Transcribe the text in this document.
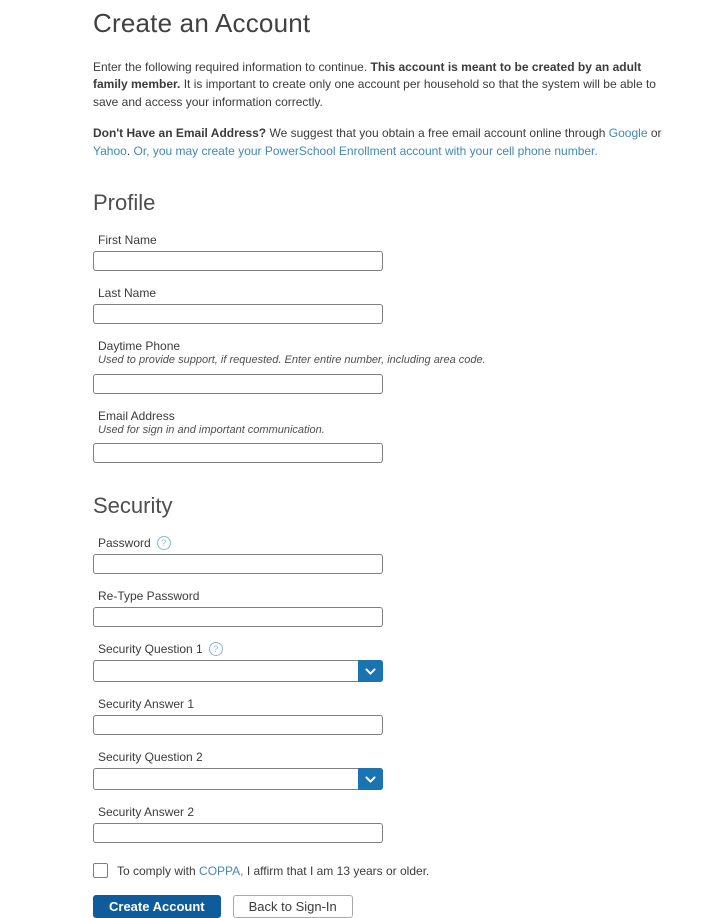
Create an Account

Enter the following required information to continue. This account is meant to be created by an adult family member. It is important to create only one account per household so that the system will be able to save and access your information correctly.

Don't Have an Email Address? We suggest that you obtain a free email account online through Google or Yahoo. Or, you may create your PowerSchool Enrollment account with your cell phone number.

Profile
First Name
Last Name
Daytime Phone
Used to provide support, if requested. Enter entire number, including area code.
Email Address
Used for sign in and important communication.
Security
Password	?
Re-Type Password
Security Question 1	?
Security Answer 1
Security Question 2
Security Answer 2
To comply with COPPA, I affirm that I am 13 years or older.
Create Account	Back to Sign-In
